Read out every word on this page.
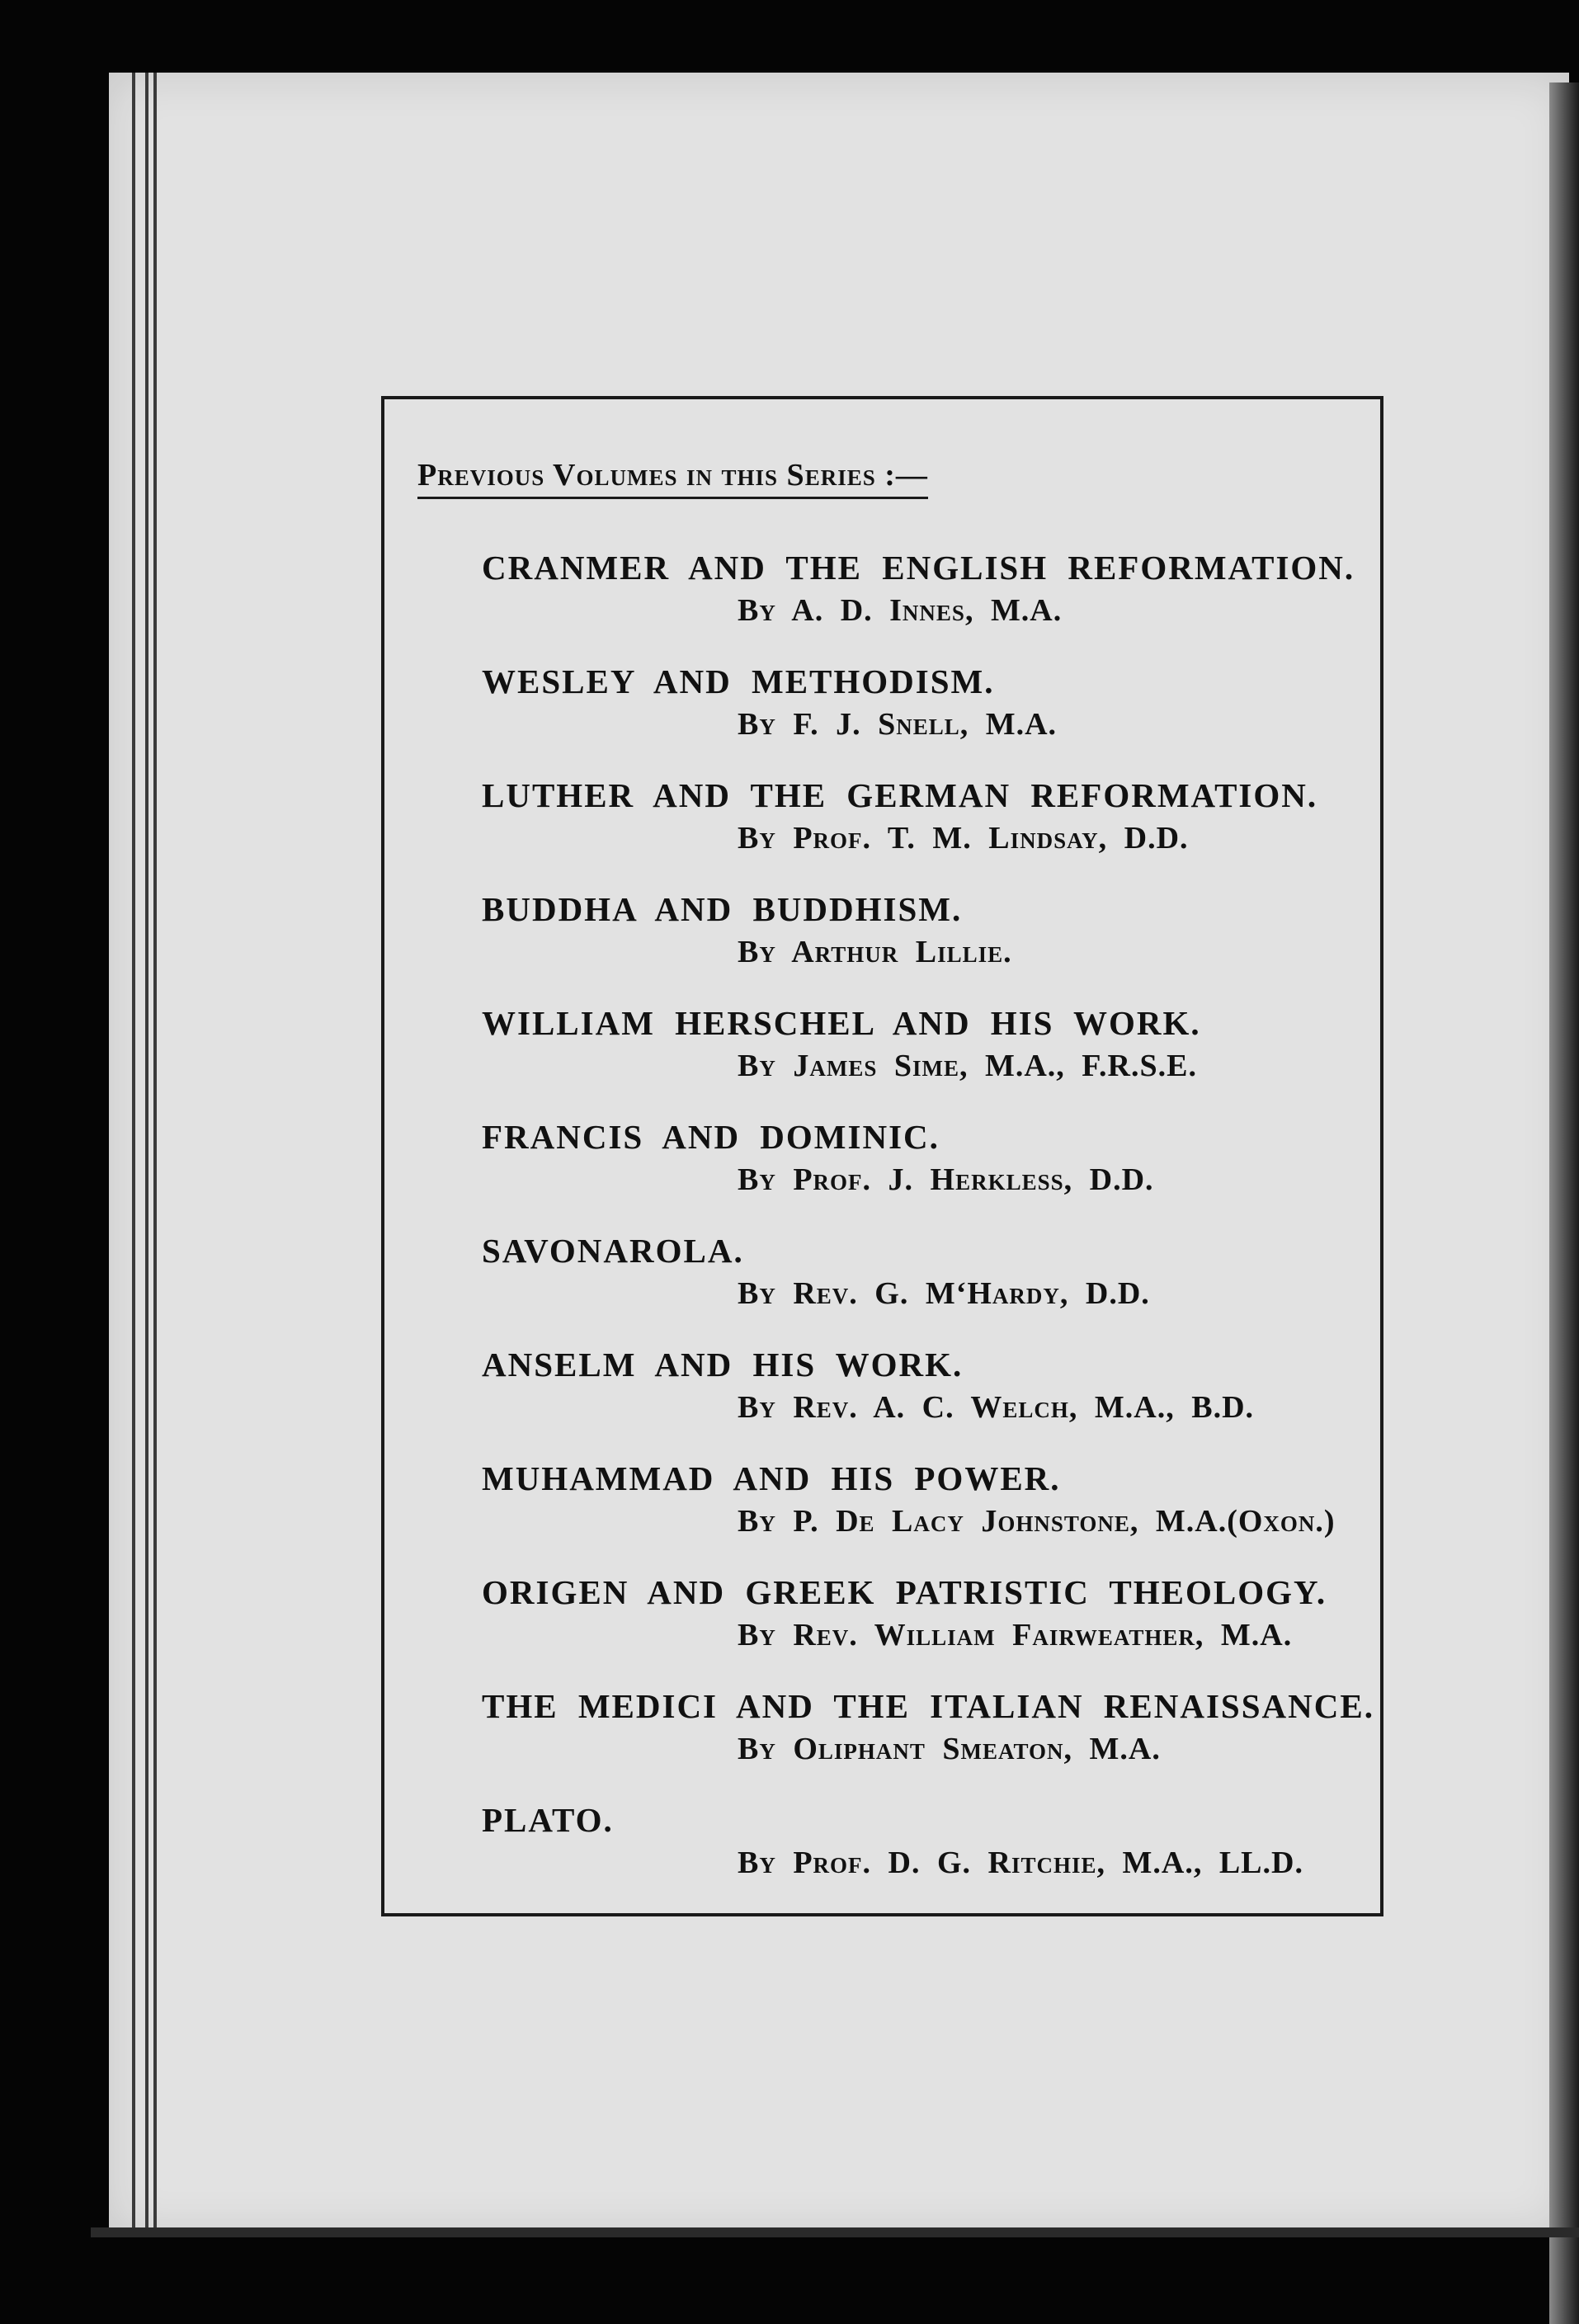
Previous Volumes in this Series :—
CRANMER AND THE ENGLISH REFORMATION.
By A. D. Innes, M.A.
WESLEY AND METHODISM.
By F. J. Snell, M.A.
LUTHER AND THE GERMAN REFORMATION.
By Prof. T. M. Lindsay, D.D.
BUDDHA AND BUDDHISM.
By Arthur Lillie.
WILLIAM HERSCHEL AND HIS WORK.
By James Sime, M.A., F.R.S.E.
FRANCIS AND DOMINIC.
By Prof. J. Herkless, D.D.
SAVONAROLA.
By Rev. G. M‘Hardy, D.D.
ANSELM AND HIS WORK.
By Rev. A. C. Welch, M.A., B.D.
MUHAMMAD AND HIS POWER.
By P. De Lacy Johnstone, M.A.(Oxon.)
ORIGEN AND GREEK PATRISTIC THEOLOGY.
By Rev. William Fairweather, M.A.
THE MEDICI AND THE ITALIAN RENAISSANCE.
By Oliphant Smeaton, M.A.
PLATO.
By Prof. D. G. Ritchie, M.A., LL.D.
